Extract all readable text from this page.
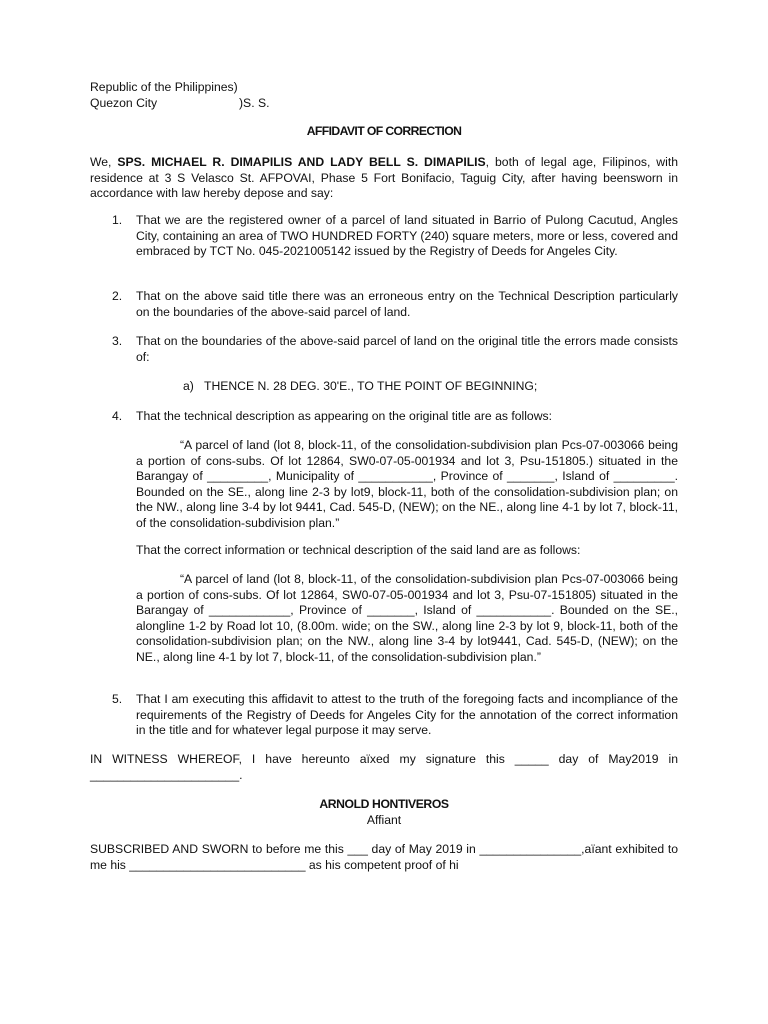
Republic of the Philippines)
Quezon City	)S. S.
AFFIDAVIT OF CORRECTION
We, SPS. MICHAEL R. DIMAPILIS AND LADY BELL S. DIMAPILIS, both of legal age, Filipinos, with residence at 3 S Velasco St. AFPOVAI, Phase 5 Fort Bonifacio, Taguig City, after having beensworn in accordance with law hereby depose and say:
1. That we are the registered owner of a parcel of land situated in Barrio of Pulong Cacutud, Angles City, containing an area of TWO HUNDRED FORTY (240) square meters, more or less, covered and embraced by TCT No. 045-2021005142 issued by the Registry of Deeds for Angeles City.
2. That on the above said title there was an erroneous entry on the Technical Description particularly on the boundaries of the above-said parcel of land.
3. That on the boundaries of the above-said parcel of land on the original title the errors made consists of:
a) THENCE N. 28 DEG. 30'E., TO THE POINT OF BEGINNING;
4. That the technical description as appearing on the original title are as follows:
“A parcel of land (lot 8, block-11, of the consolidation-subdivision plan Pcs-07-003066 being a portion of cons-subs. Of lot 12864, SW0-07-05-001934 and lot 3, Psu-151805.) situated in the Barangay of _________, Municipality of ___________, Province of _______, Island of _________. Bounded on the SE., along line 2-3 by lot9, block-11, both of the consolidation-subdivision plan; on the NW., along line 3-4 by lot 9441, Cad. 545-D, (NEW); on the NE., along line 4-1 by lot 7, block-11, of the consolidation-subdivision plan.”
That the correct information or technical description of the said land are as follows:
“A parcel of land (lot 8, block-11, of the consolidation-subdivision plan Pcs-07-003066 being a portion of cons-subs. Of lot 12864, SW0-07-05-001934 and lot 3, Psu-07-151805) situated in the Barangay of ____________, Province of _______, Island of ___________. Bounded on the SE., alongline 1-2 by Road lot 10, (8.00m. wide; on the SW., along line 2-3 by lot 9, block-11, both of the consolidation-subdivision plan; on the NW., along line 3-4 by lot9441, Cad. 545-D, (NEW); on the NE., along line 4-1 by lot 7, block-11, of the consolidation-subdivision plan.”
5. That I am executing this affidavit to attest to the truth of the foregoing facts and incompliance of the requirements of the Registry of Deeds for Angeles City for the annotation of the correct information in the title and for whatever legal purpose it may serve.
IN WITNESS WHEREOF, I have hereunto aïxed my signature this _____ day of May2019 in ______________________.
ARNOLD HONTIVEROS
Affiant
SUBSCRIBED AND SWORN to before me this ___ day of May 2019 in _______________,aïant exhibited to me his __________________________ as his competent proof of hi
